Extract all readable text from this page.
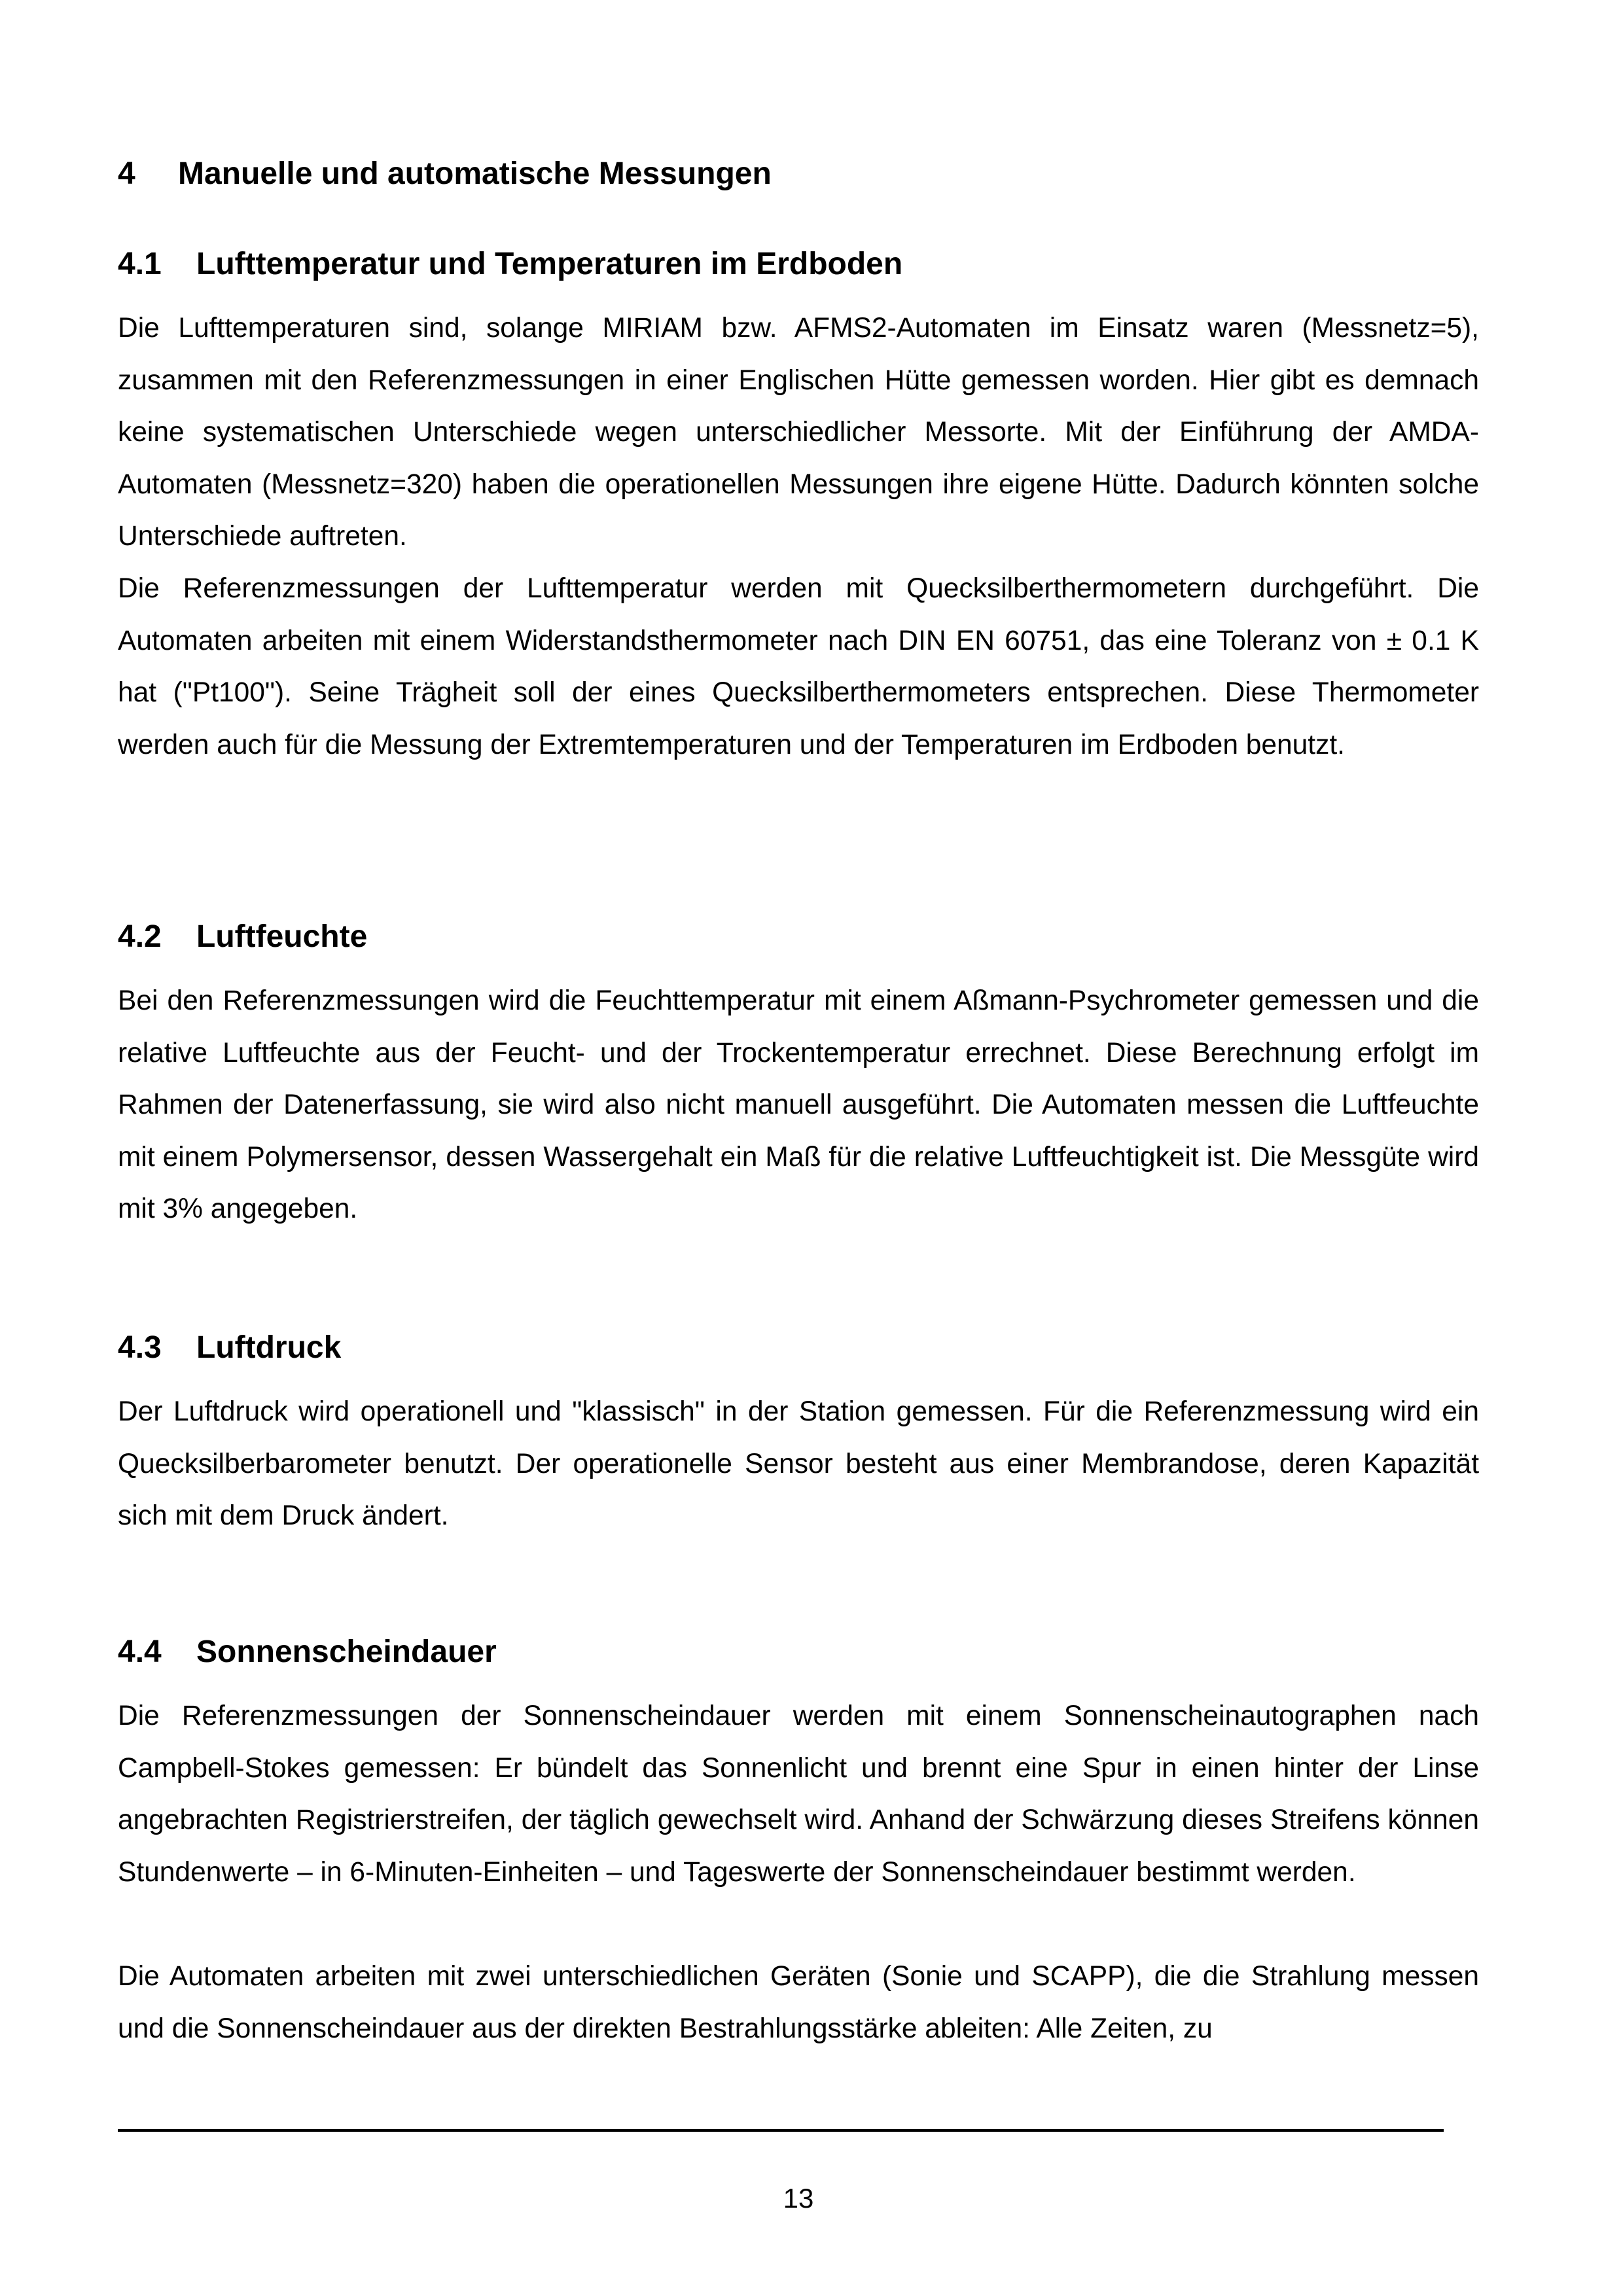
4 Manuelle und automatische Messungen
4.1 Lufttemperatur und Temperaturen im Erdboden

Die Lufttemperaturen sind, solange MIRIAM bzw. AFMS2-Automaten im Einsatz waren (Messnetz=5), zusammen mit den Referenzmessungen in einer Englischen Hütte gemessen worden. Hier gibt es demnach keine systematischen Unterschiede wegen unterschiedlicher Messorte. Mit der Einführung der AMDA-Automaten (Messnetz=320) haben die operationellen Messungen ihre eigene Hütte. Dadurch könnten solche Unterschiede auftreten.

Die Referenzmessungen der Lufttemperatur werden mit Quecksilberthermometern durchgeführt. Die Automaten arbeiten mit einem Widerstandsthermometer nach DIN EN 60751, das eine Toleranz von ± 0.1 K hat ("Pt100"). Seine Trägheit soll der eines Quecksilberthermometers entsprechen. Diese Thermometer werden auch für die Messung der Extremtemperaturen und der Temperaturen im Erdboden benutzt.

4.2 Luftfeuchte

Bei den Referenzmessungen wird die Feuchttemperatur mit einem Aßmann-Psychrometer gemessen und die relative Luftfeuchte aus der Feucht- und der Trockentemperatur errechnet. Diese Berechnung erfolgt im Rahmen der Datenerfassung, sie wird also nicht manuell ausgeführt. Die Automaten messen die Luftfeuchte mit einem Polymersensor, dessen Wassergehalt ein Maß für die relative Luftfeuchtigkeit ist. Die Messgüte wird mit 3% angegeben.

4.3 Luftdruck

Der Luftdruck wird operationell und "klassisch" in der Station gemessen. Für die Referenzmessung wird ein Quecksilberbarometer benutzt. Der operationelle Sensor besteht aus einer Membrandose, deren Kapazität sich mit dem Druck ändert.

4.4 Sonnenscheindauer

Die Referenzmessungen der Sonnenscheindauer werden mit einem Sonnenscheinautographen nach Campbell-Stokes gemessen: Er bündelt das Sonnenlicht und brennt eine Spur in einen hinter der Linse angebrachten Registrierstreifen, der täglich gewechselt wird. Anhand der Schwärzung dieses Streifens können Stundenwerte – in 6-Minuten-Einheiten – und Tageswerte der Sonnenscheindauer bestimmt werden.

Die Automaten arbeiten mit zwei unterschiedlichen Geräten (Sonie und SCAPP), die die Strahlung messen und die Sonnenscheindauer aus der direkten Bestrahlungsstärke ableiten: Alle Zeiten, zu

13
